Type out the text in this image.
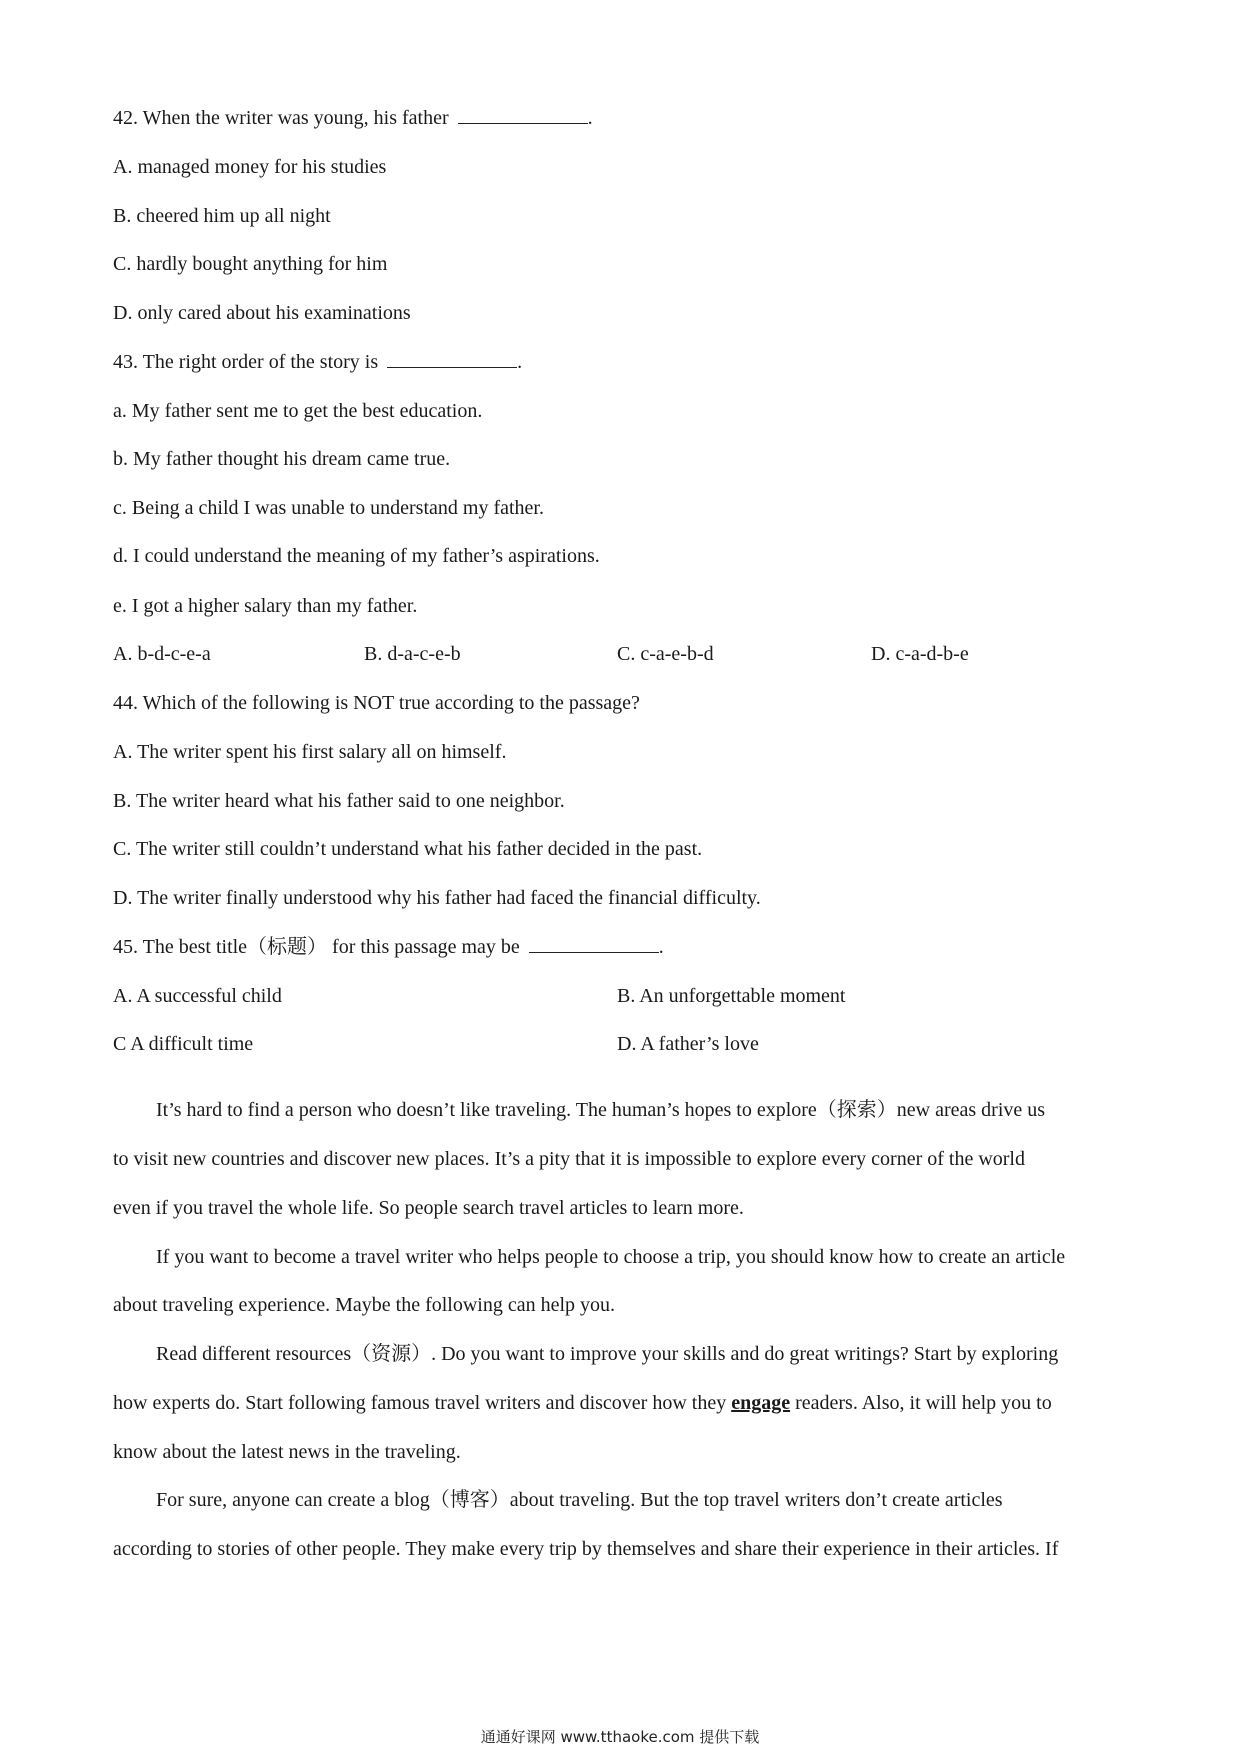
42. When the writer was young, his father	.
A. managed money for his studies
B. cheered him up all night
C. hardly bought anything for him
D. only cared about his examinations
43. The right order of the story is	.
a. My father sent me to get the best education.
b. My father thought his dream came true.
c. Being a child I was unable to understand my father.
d. I could understand the meaning of my father’s aspirations.
e. I got a higher salary than my father.
A. b-d-c-e-a	B. d-a-c-e-b	C. c-a-e-b-d	D. c-a-d-b-e
44. Which of the following is NOT true according to the passage?
A. The writer spent his first salary all on himself.
B. The writer heard what his father said to one neighbor.
C. The writer still couldn’t understand what his father decided in the past.
D. The writer finally understood why his father had faced the financial difficulty.
45. The best title（标题） for this passage may be	.
A. A successful child	B. An unforgettable moment
C A difficult time	D. A father’s love
It’s hard to find a person who doesn’t like traveling. The human’s hopes to explore（探索）new areas drive us
to visit new countries and discover new places. It’s a pity that it is impossible to explore every corner of the world
even if you travel the whole life. So people search travel articles to learn more.
If you want to become a travel writer who helps people to choose a trip, you should know how to create an article
about traveling experience. Maybe the following can help you.
Read different resources（资源）. Do you want to improve your skills and do great writings? Start by exploring
how experts do. Start following famous travel writers and discover how they engage readers. Also, it will help you to
know about the latest news in the traveling.
For sure, anyone can create a blog（博客）about traveling. But the top travel writers don’t create articles
according to stories of other people. They make every trip by themselves and share their experience in their articles. If
通通好课网 www.tthaoke.com 提供下载
